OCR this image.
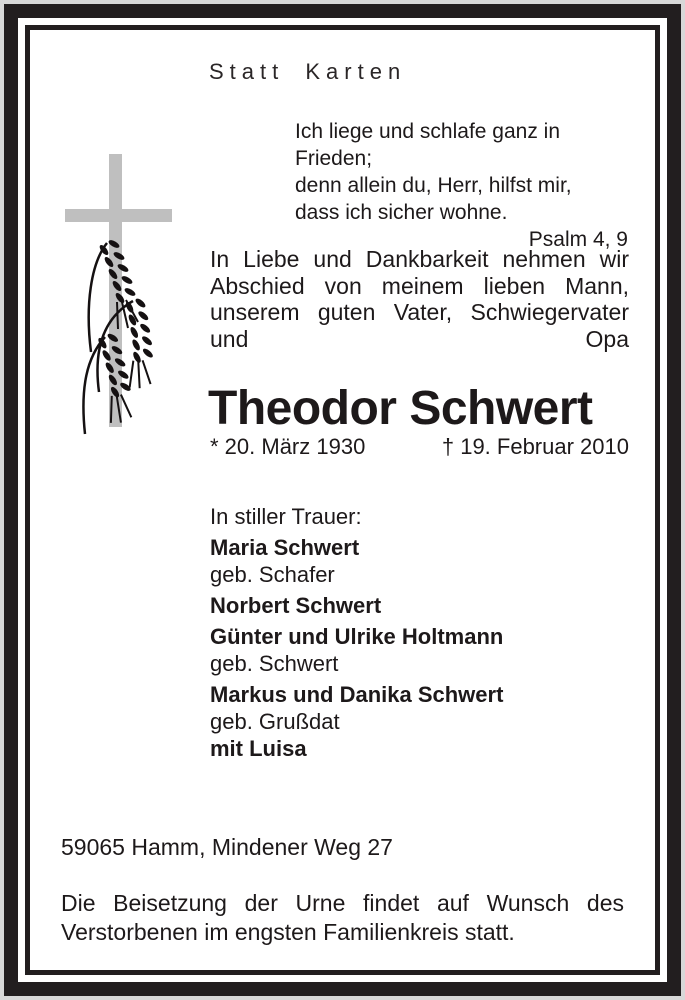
Statt Karten
Ich liege und schlafe ganz in Frieden;
denn allein du, Herr, hilfst mir,
dass ich sicher wohne.
Psalm 4, 9
In Liebe und Dankbarkeit nehmen wir Abschied von meinem lieben Mann, unserem guten Vater, Schwiegervater und Opa
Theodor Schwert
* 20. März 1930	† 19. Februar 2010
In stiller Trauer:
Maria Schwert
geb. Schafer
Norbert Schwert
Günter und Ulrike Holtmann
geb. Schwert
Markus und Danika Schwert
geb. Grußdat
mit Luisa
59065 Hamm, Mindener Weg 27
Die Beisetzung der Urne findet auf Wunsch des Verstorbenen im engsten Familienkreis statt.
